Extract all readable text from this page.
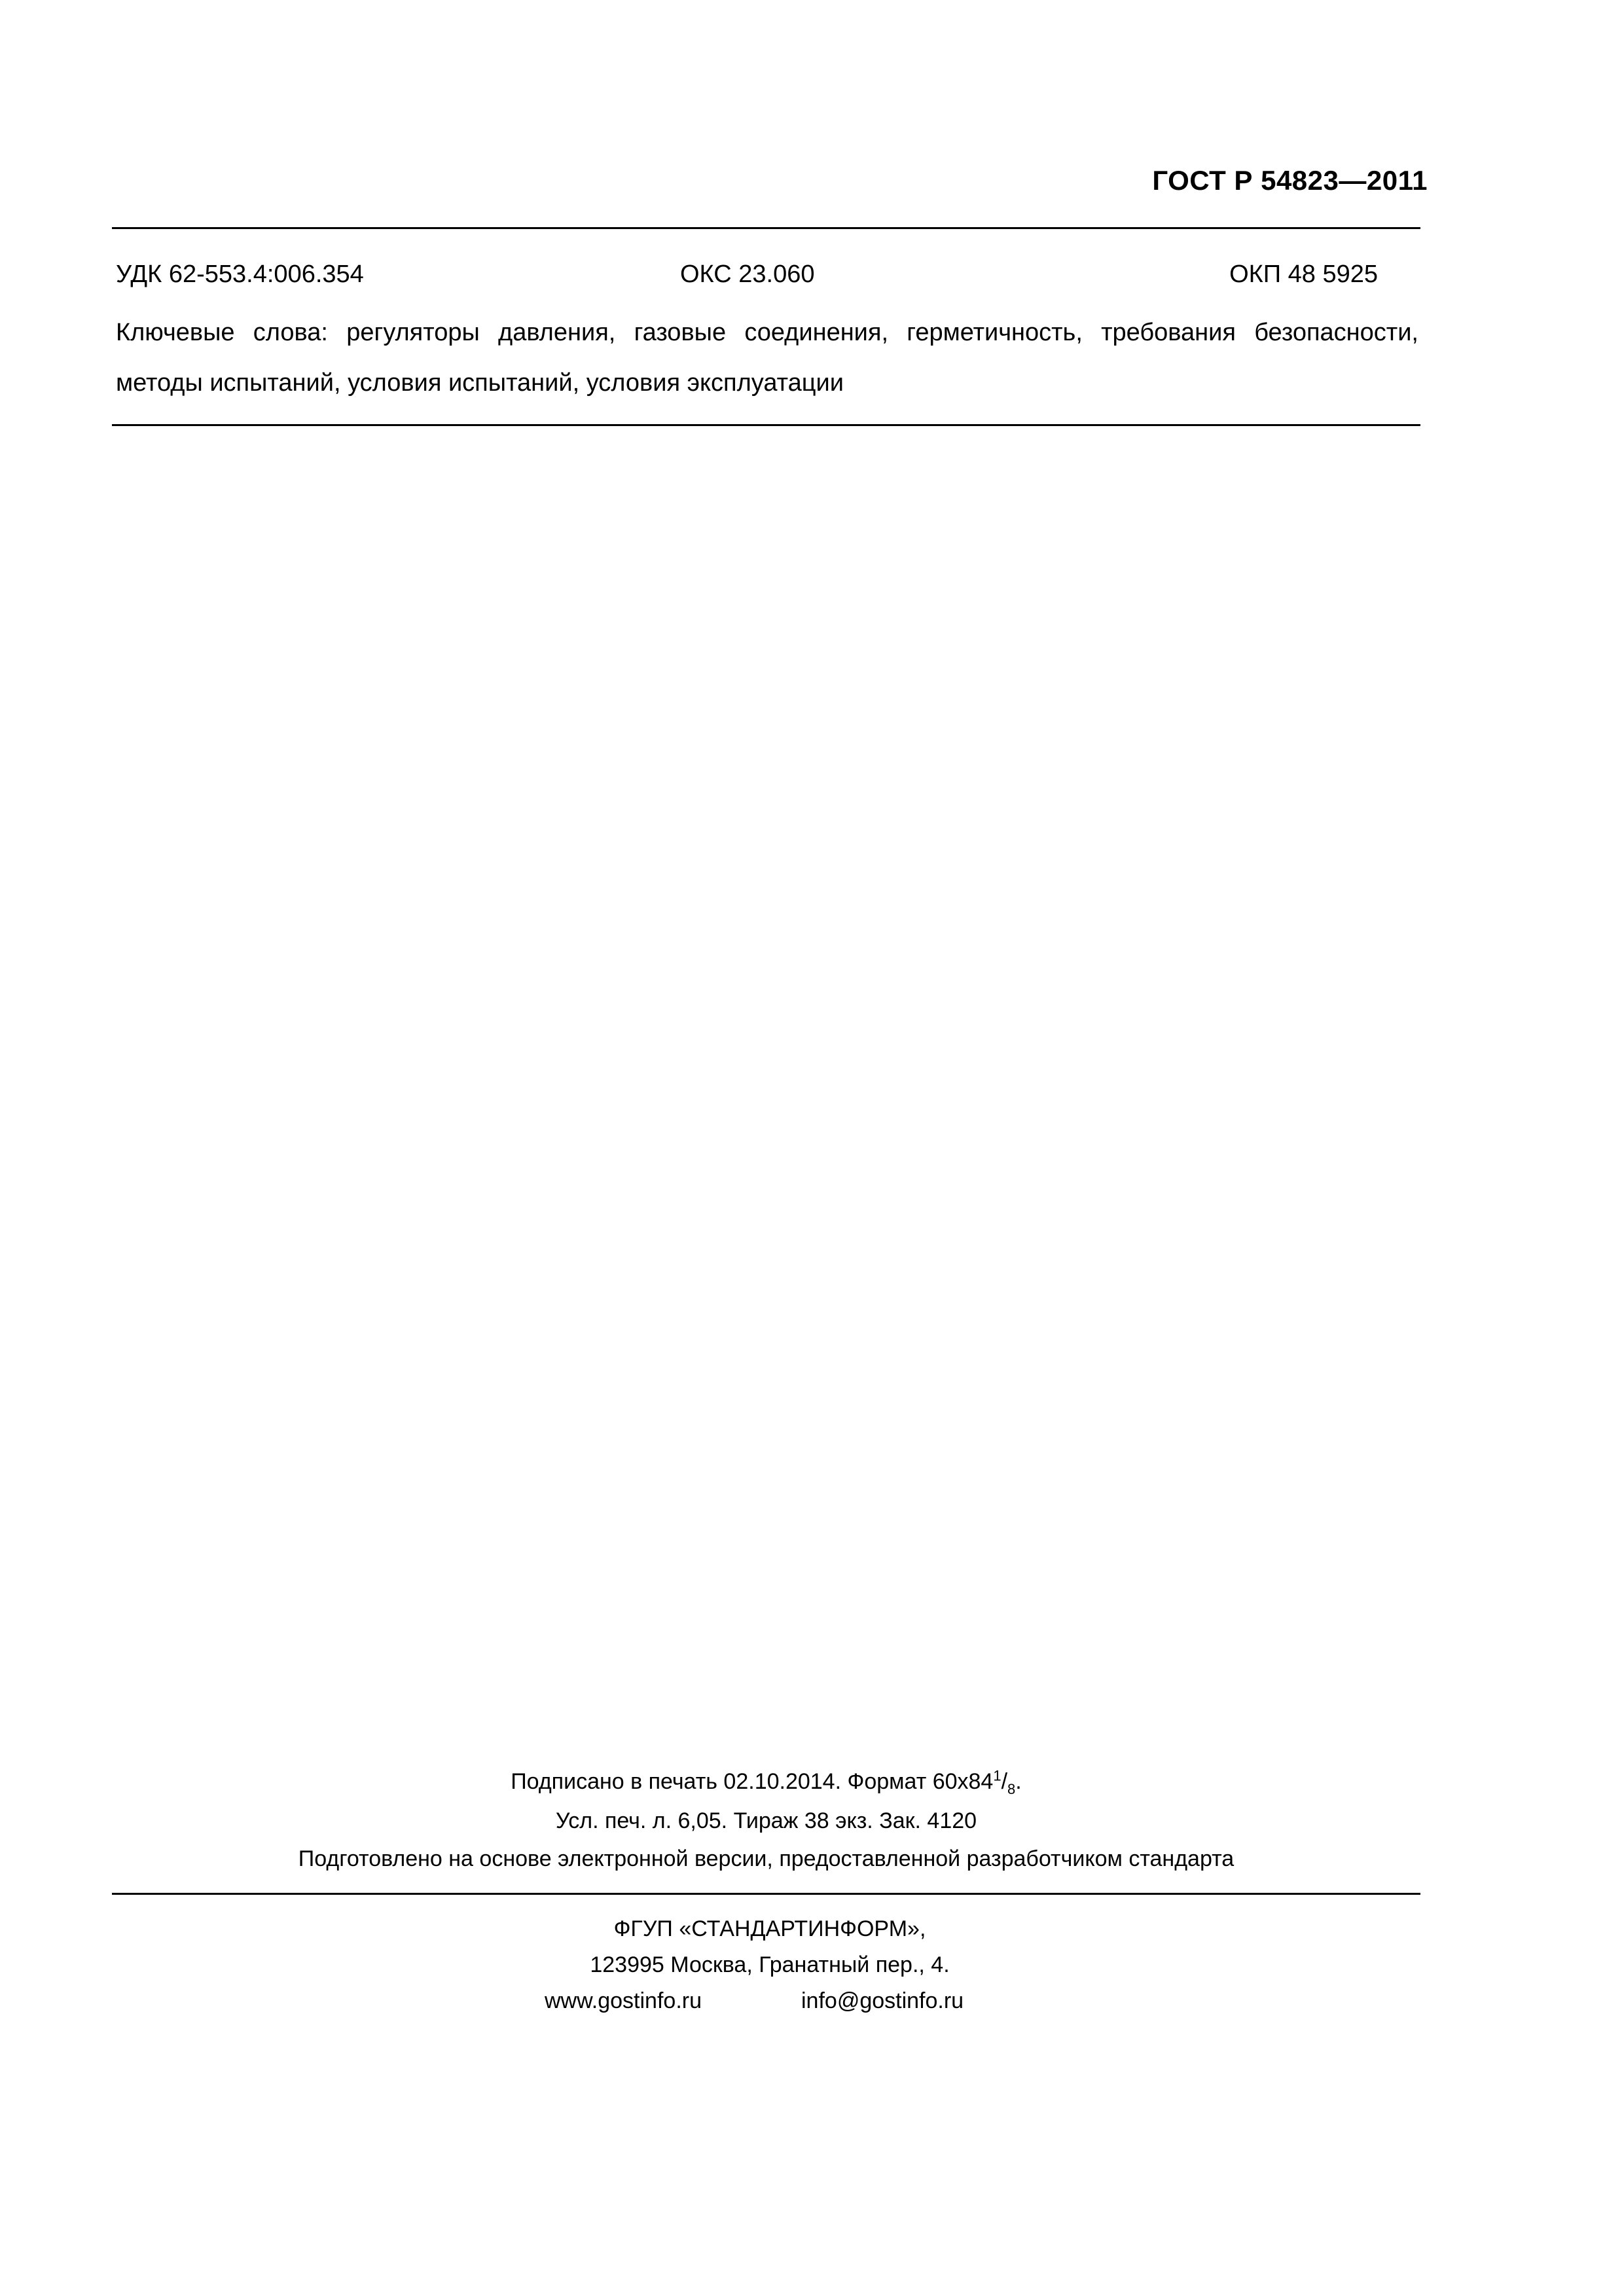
ГОСТ Р 54823—2011
УДК 62-553.4:006.354	ОКС 23.060	ОКП 48 5925
Ключевые слова: регуляторы давления, газовые соединения, герметичность, требования безопасности, методы испытаний, условия испытаний, условия эксплуатации
Подписано в печать 02.10.2014. Формат $60x84^1/_8$.
Усл. печ. л. 6,05. Тираж 38 экз. Зак. 4120
Подготовлено на основе электронной версии, предоставленной разработчиком стандарта
ФГУП «СТАНДАРТИНФОРМ»,
123995 Москва, Гранатный пер., 4.
www.gostinfo.ru	info@gostinfo.ru
